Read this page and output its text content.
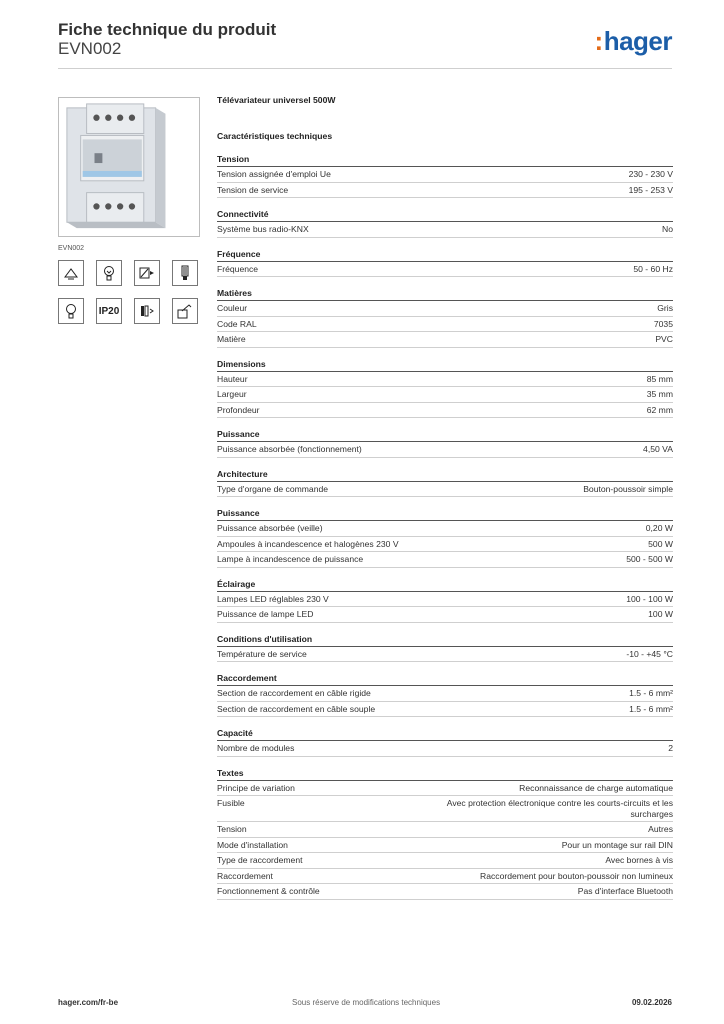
Fiche technique du produit
EVN002	:hager
EVN002
IP20
Télévariateur universel 500W
Caractéristiques techniques
Tension
Tension assignée d'emploi Ue	230 - 230 V
Tension de service	195 - 253 V
Connectivité
Système bus radio-KNX	No
Fréquence
Fréquence	50 - 60 Hz
Matières
Couleur	Gris
Code RAL	7035
Matière	PVC
Dimensions
Hauteur	85 mm
Largeur	35 mm
Profondeur	62 mm
Puissance
Puissance absorbée (fonctionnement)	4,50 VA
Architecture
Type d'organe de commande	Bouton-poussoir simple
Puissance
Puissance absorbée (veille)	0,20 W
Ampoules à incandescence et halogènes 230 V	500 W
Lampe à incandescence de puissance	500 - 500 W
Éclairage
Lampes LED réglables 230 V	100 - 100 W
Puissance de lampe LED	100 W
Conditions d'utilisation
Température de service	-10 - +45 °C
Raccordement
Section de raccordement en câble rigide	1.5 - 6 mm²
Section de raccordement en câble souple	1.5 - 6 mm²
Capacité
Nombre de modules	2
Textes
Principe de variation	Reconnaissance de charge automatique
Fusible	Avec protection électronique contre les courts-circuits et les surcharges
Tension	Autres
Mode d'installation	Pour un montage sur rail DIN
Type de raccordement	Avec bornes à vis
Raccordement	Raccordement pour bouton-poussoir non lumineux
Fonctionnement & contrôle	Pas d'interface Bluetooth
hager.com/fr-be	Sous réserve de modifications techniques	09.02.2026
